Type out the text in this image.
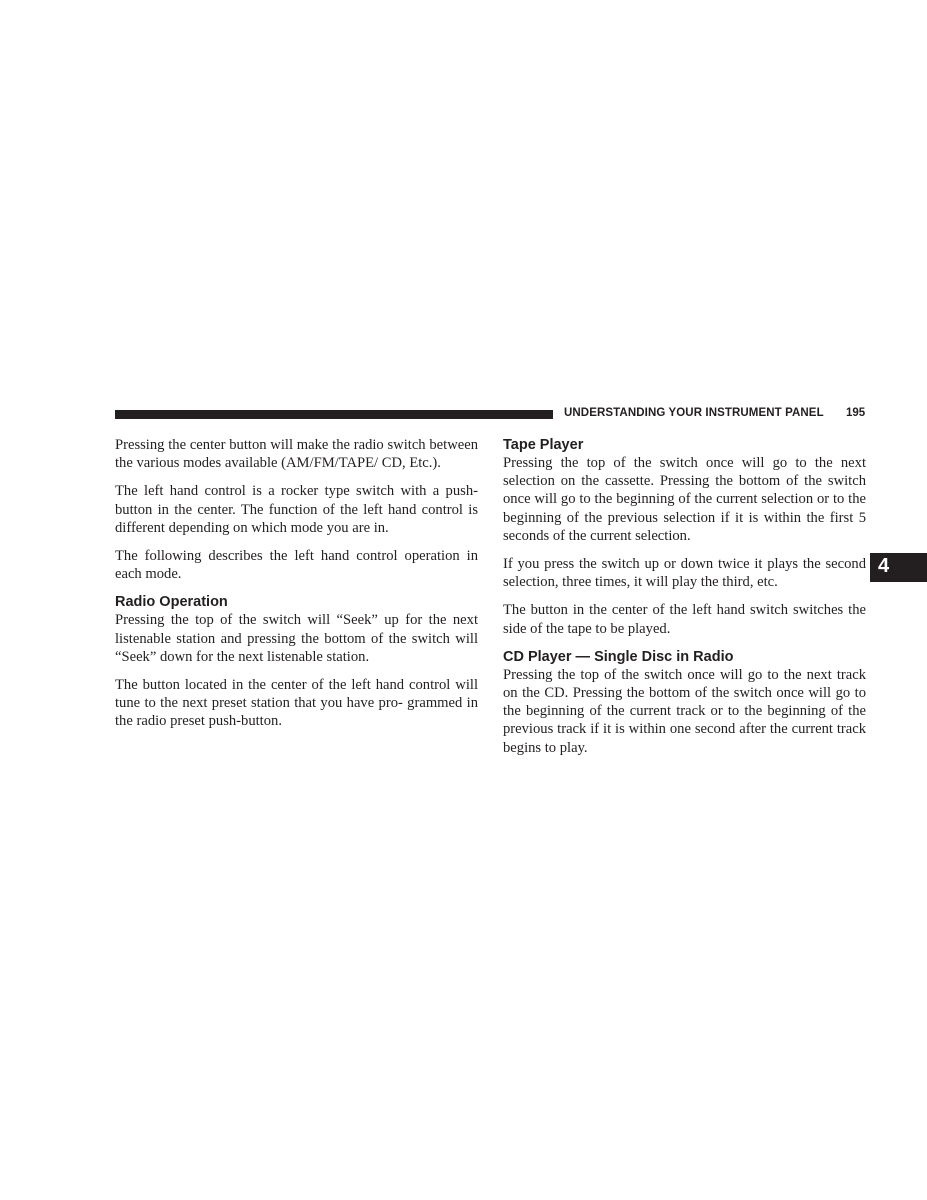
UNDERSTANDING YOUR INSTRUMENT PANEL 195
4

Pressing the center button will make the radio switch between the various modes available (AM/FM/TAPE/ CD, Etc.).

The left hand control is a rocker type switch with a push-button in the center. The function of the left hand control is different depending on which mode you are in.

The following describes the left hand control operation in each mode.

Radio Operation

Pressing the top of the switch will “Seek” up for the next listenable station and pressing the bottom of the switch will “Seek” down for the next listenable station.

The button located in the center of the left hand control will tune to the next preset station that you have pro- grammed in the radio preset push-button.

Tape Player

Pressing the top of the switch once will go to the next selection on the cassette. Pressing the bottom of the switch once will go to the beginning of the current selection or to the beginning of the previous selection if it is within the first 5 seconds of the current selection.

If you press the switch up or down twice it plays the second selection, three times, it will play the third, etc.

The button in the center of the left hand switch switches the side of the tape to be played.

CD Player — Single Disc in Radio

Pressing the top of the switch once will go to the next track on the CD. Pressing the bottom of the switch once will go to the beginning of the current track or to the beginning of the previous track if it is within one second after the current track begins to play.
